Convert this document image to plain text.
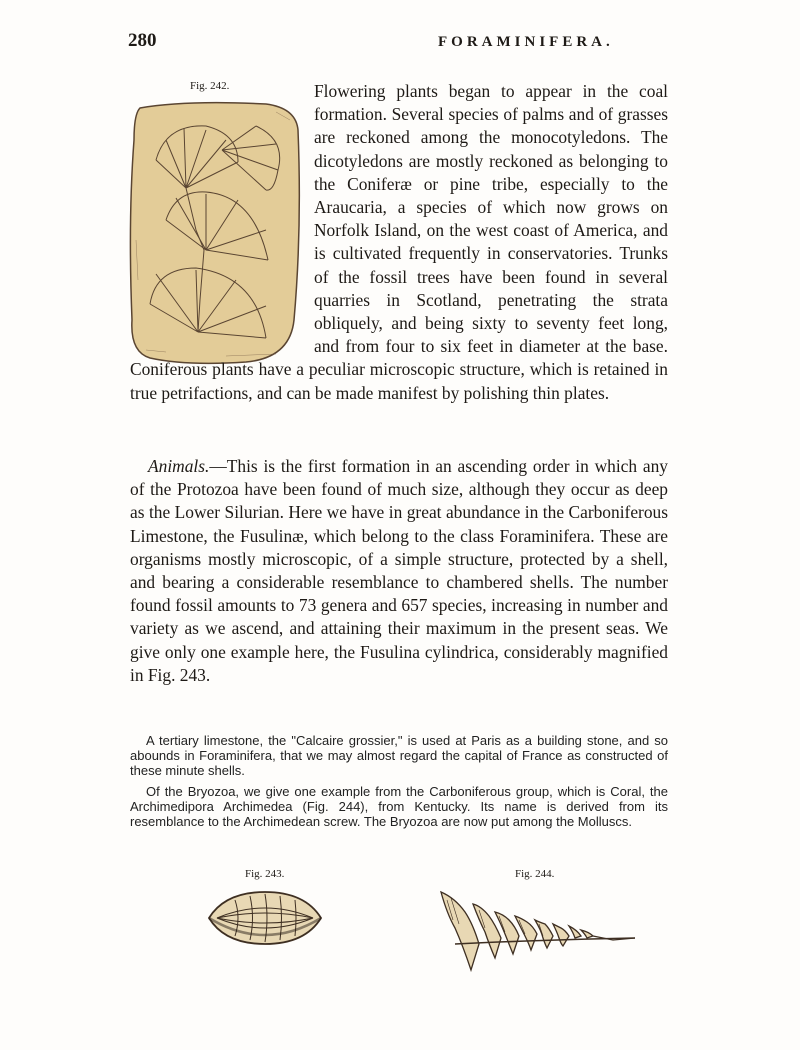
280	FORAMINIFERA.
Fig. 242.	Flowering plants began to appear in the coal formation. Several species of palms and of grasses are reckoned among the monocotyledons. The dicotyledons are mostly reckoned as belonging to the Coniferæ or pine tribe, especially to the Araucaria, a species of which now grows on Norfolk Island, on the west coast of America, and is cultivated frequently in conservatories. Trunks of the fossil trees have been found in several quarries in Scotland, penetrating the strata obliquely, and being sixty to seventy feet long, and from four to six feet in diameter at the base. Coniferous plants have a peculiar microscopic structure, which is retained in true petrifactions, and can be made manifest by polishing thin plates.

Animals.—This is the first formation in an ascending order in which any of the Protozoa have been found of much size, although they occur as deep as the Lower Silurian. Here we have in great abundance in the Carboniferous Limestone, the Fusulinæ, which belong to the class Foraminifera. These are organisms mostly microscopic, of a simple structure, protected by a shell, and bearing a considerable resemblance to chambered shells. The number found fossil amounts to 73 genera and 657 species, increasing in number and variety as we ascend, and attaining their maximum in the present seas. We give only one example here, the Fusulina cylindrica, considerably magnified in Fig. 243.

A tertiary limestone, the "Calcaire grossier," is used at Paris as a building stone, and so abounds in Foraminifera, that we may almost regard the capital of France as constructed of these minute shells.

Of the Bryozoa, we give one example from the Carboniferous group, which is Coral, the Archimedipora Archimedea (Fig. 244), from Kentucky. Its name is derived from its resemblance to the Archimedean screw. The Bryozoa are now put among the Molluscs.

Fig. 243.	Fig. 244.
